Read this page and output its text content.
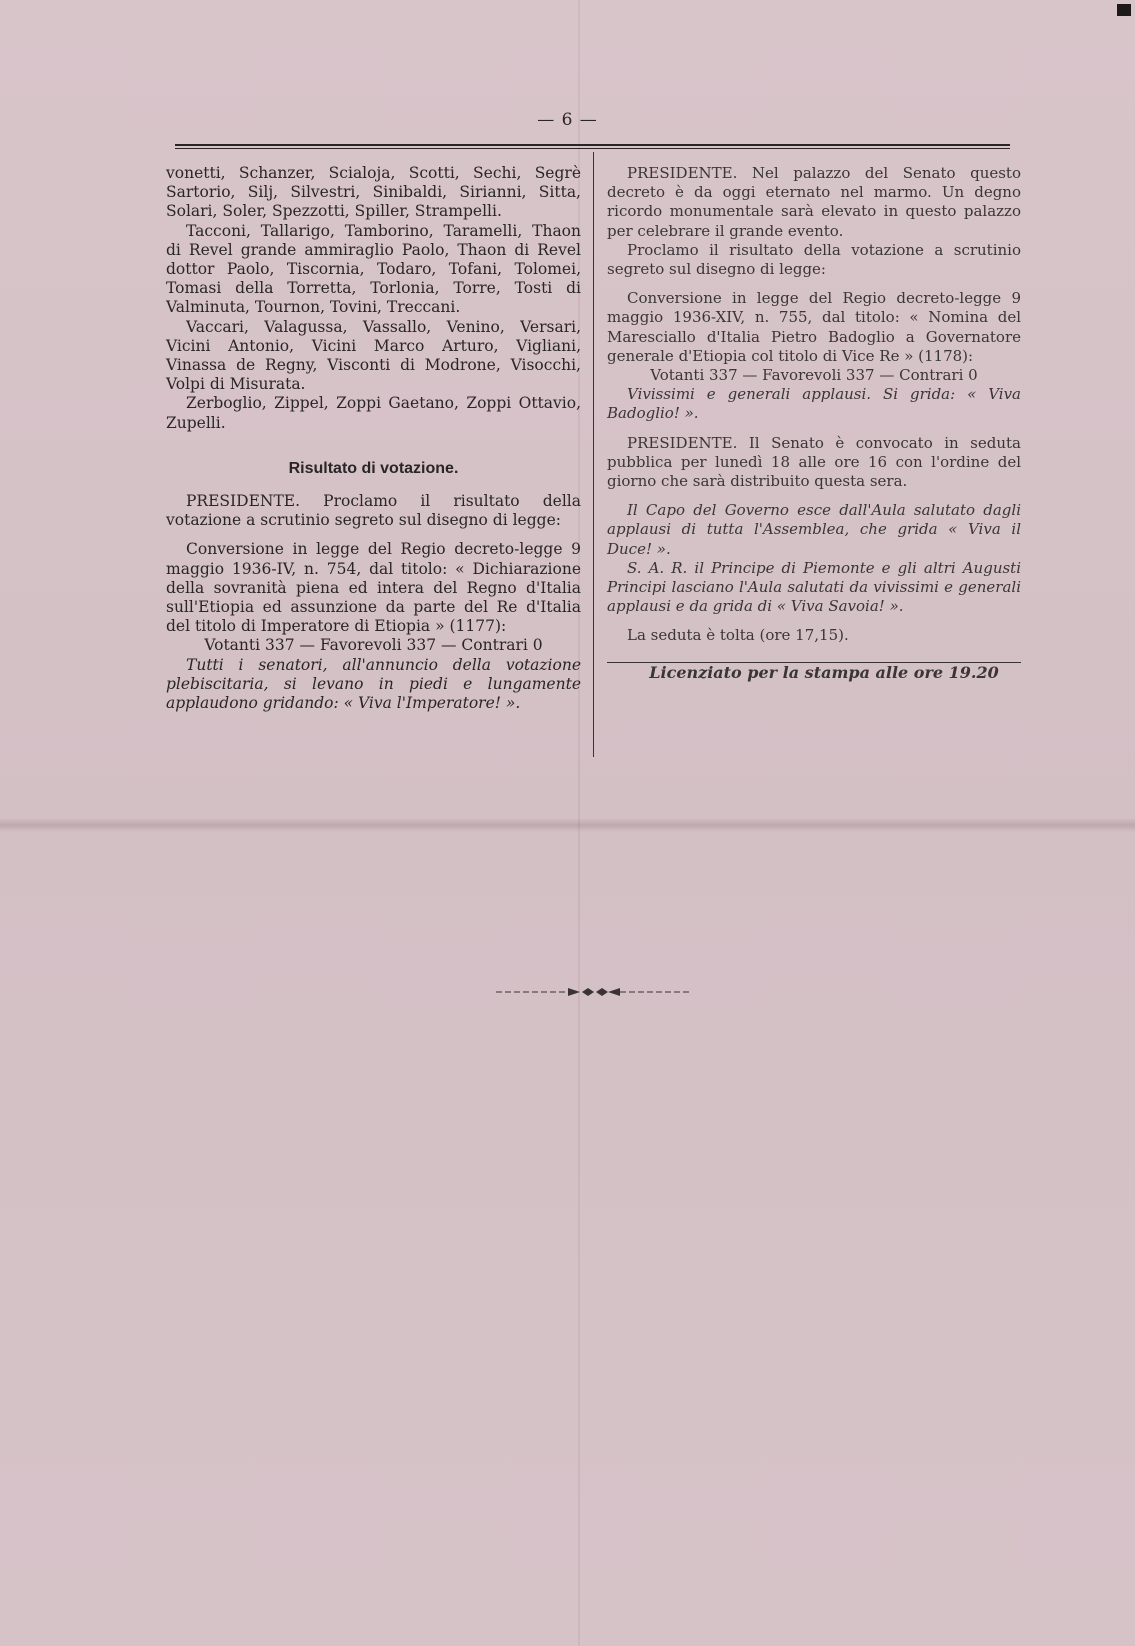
— 6 —

vonetti, Schanzer, Scialoja, Scotti, Sechi, Segrè Sartorio, Silj, Silvestri, Sinibaldi, Sirianni, Sitta, Solari, Soler, Spezzotti, Spiller, Strampelli.

Tacconi, Tallarigo, Tamborino, Taramelli, Thaon di Revel grande ammiraglio Paolo, Thaon di Revel dottor Paolo, Tiscornia, Todaro, Tofani, Tolomei, Tomasi della Torretta, Torlonia, Torre, Tosti di Valminuta, Tournon, Tovini, Treccani.

Vaccari, Valagussa, Vassallo, Venino, Versari, Vicini Antonio, Vicini Marco Arturo, Vigliani, Vinassa de Regny, Visconti di Modrone, Visocchi, Volpi di Misurata.

Zerboglio, Zippel, Zoppi Gaetano, Zoppi Ottavio, Zupelli.

Risultato di votazione.

PRESIDENTE. Proclamo il risultato della votazione a scrutinio segreto sul disegno di legge:

Conversione in legge del Regio decreto-legge 9 maggio 1936-IV, n. 754, dal titolo: « Dichiarazione della sovranità piena ed intera del Regno d'Italia sull'Etiopia ed assunzione da parte del Re d'Italia del titolo di Imperatore di Etiopia » (1177):

Votanti 337 — Favorevoli 337 — Contrari 0

Tutti i senatori, all'annuncio della votazione plebiscitaria, si levano in piedi e lungamente applaudono gridando: « Viva l'Imperatore! ».

PRESIDENTE. Nel palazzo del Senato questo decreto è da oggi eternato nel marmo. Un degno ricordo monumentale sarà elevato in questo palazzo per celebrare il grande evento.

Proclamo il risultato della votazione a scrutinio segreto sul disegno di legge:

Conversione in legge del Regio decreto-legge 9 maggio 1936-XIV, n. 755, dal titolo: « Nomina del Maresciallo d'Italia Pietro Badoglio a Governatore generale d'Etiopia col titolo di Vice Re » (1178):

Votanti 337 — Favorevoli 337 — Contrari 0

Vivissimi e generali applausi. Si grida: « Viva Badoglio! ».

PRESIDENTE. Il Senato è convocato in seduta pubblica per lunedì 18 alle ore 16 con l'ordine del giorno che sarà distribuito questa sera.

Il Capo del Governo esce dall'Aula salutato dagli applausi di tutta l'Assemblea, che grida « Viva il Duce! ».

S. A. R. il Principe di Piemonte e gli altri Augusti Principi lasciano l'Aula salutati da vivissimi e generali applausi e da grida di « Viva Savoia! ».

La seduta è tolta (ore 17,15).

Licenziato per la stampa alle ore 19.20
